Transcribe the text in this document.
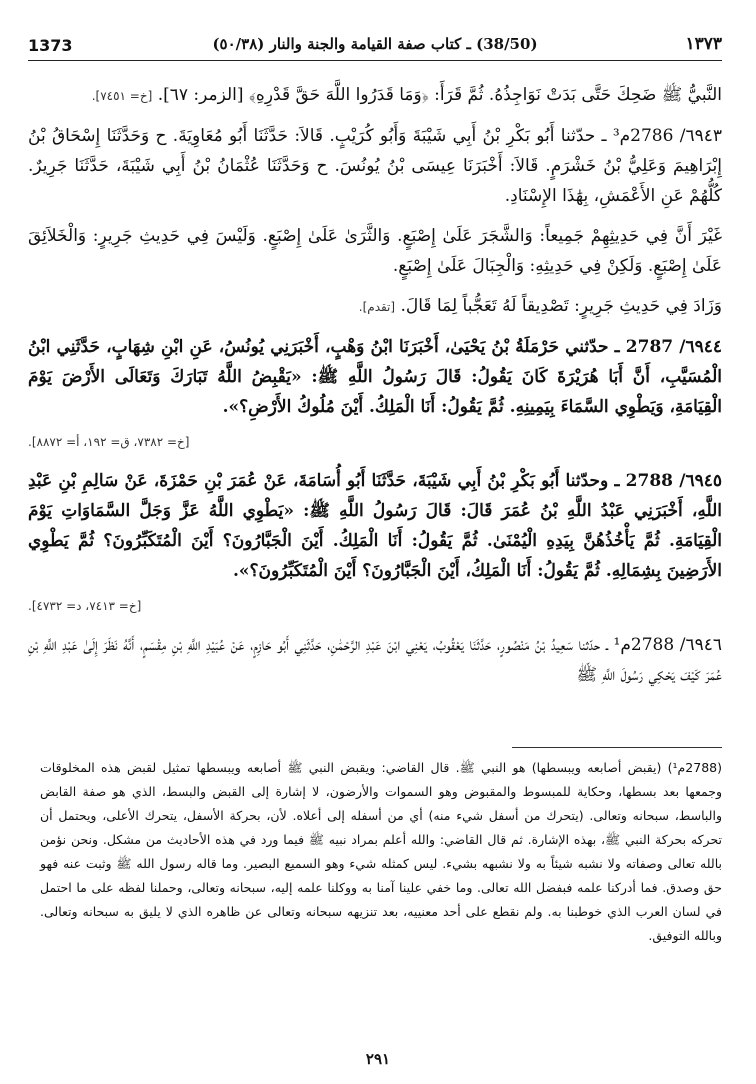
1373	(38/50) ـ كتاب صفة القيامة والجنة والنار (٥٠/٣٨)	١٣٧٣

النَّبيُّ ﷺ ضَحِكَ حَتَّى بَدَتْ نَوَاجِذُهُ. ثُمَّ قَرَأَ: ﴿وَمَا قَدَرُوا اللَّهَ حَقَّ قَدْرِهِ﴾ [الزمر: ٦٧]. [خ= ٧٤٥١].

٦٩٤٣/ 2786م³ ـ حدّثنا أَبُو بَكْرِ بْنُ أَبِي شَيْبَةَ وَأَبُو كُرَيْبٍ. قَالاَ: حَدَّثَنَا أَبُو مُعَاوِيَةَ. ح وَحَدَّثَنَا إِسْحَاقُ بْنُ إِبْرَاهِيمَ وَعَلِيُّ بْنُ خَشْرَمٍ. قَالاَ: أَخْبَرَنَا عِيسَى بْنُ يُونُسَ. ح وَحَدَّثَنَا عُثْمَانُ بْنُ أَبِي شَيْبَةَ، حَدَّثَنَا جَرِيرٌ. كُلُّهُمْ عَنِ الأَعْمَشِ، بِهَٰذَا الإِسْنَادِ.

غَيْرَ أَنَّ فِي حَدِيثِهِمْ جَمِيعاً: وَالشَّجَرَ عَلَىٰ إِصْبَعٍ. وَالثَّرَىٰ عَلَىٰ إِصْبَعٍ. وَلَيْسَ فِي حَدِيثِ جَرِيرٍ: وَالْخَلاَئِقَ عَلَىٰ إِصْبَعٍ. وَلَكِنْ فِي حَدِيثِهِ: وَالْجِبَالَ عَلَىٰ إِصْبَعٍ.

وَزَادَ فِي حَدِيثِ جَرِيرٍ: تَصْدِيقاً لَهُ تَعَجُّباً لِمَا قَالَ. [تقدم].

٦٩٤٤/ 2787 ـ حدّثني حَرْمَلَةُ بْنُ يَحْيَىٰ، أَخْبَرَنَا ابْنُ وَهْبٍ، أَخْبَرَنِي يُونُسُ، عَنِ ابْنِ شِهَابٍ، حَدَّثَنِي ابْنُ الْمُسَيَّبِ، أَنَّ أَبَا هُرَيْرَةَ كَانَ يَقُولُ: قَالَ رَسُولُ اللَّهِ ﷺ: «يَقْبِضُ اللَّهُ تَبَارَكَ وَتَعَالَى الأَرْضَ يَوْمَ الْقِيَامَةِ، وَيَطْوِي السَّمَاءَ بِيَمِينِهِ. ثُمَّ يَقُولُ: أَنَا الْمَلِكُ. أَيْنَ مُلُوكُ الأَرْضِ؟».

[خ= ٧٣٨٢، ق= ١٩٢، أ= ٨٨٧٢].

٦٩٤٥/ 2788 ـ وحدّثنا أَبُو بَكْرِ بْنُ أَبِي شَيْبَةَ، حَدَّثَنَا أَبُو أُسَامَةَ، عَنْ عُمَرَ بْنِ حَمْزَةَ، عَنْ سَالِمِ بْنِ عَبْدِ اللَّهِ، أَخْبَرَنِي عَبْدُ اللَّهِ بْنُ عُمَرَ قَالَ: قَالَ رَسُولُ اللَّهِ ﷺ: «يَطْوِي اللَّهُ عَزَّ وَجَلَّ السَّمَاوَاتِ يَوْمَ الْقِيَامَةِ. ثُمَّ يَأْخُذُهُنَّ بِيَدِهِ الْيُمْنَىٰ. ثُمَّ يَقُولُ: أَنَا الْمَلِكُ. أَيْنَ الْجَبَّارُونَ؟ أَيْنَ الْمُتَكَبِّرُونَ؟ ثُمَّ يَطْوِي الأَرَضِينَ بِشِمَالِهِ. ثُمَّ يَقُولُ: أَنَا الْمَلِكُ، أَيْنَ الْجَبَّارُونَ؟ أَيْنَ الْمُتَكَبِّرُونَ؟».

[خ= ٧٤١٣، د= ٤٧٣٢].

٦٩٤٦/ 2788م¹ ـ حدّثنا سَعِيدُ بْنُ مَنْصُورٍ، حَدَّثَنَا يَعْقُوبُ، يَعْنِي ابْنَ عَبْدِ الرَّحْمَٰنِ، حَدَّثَنِي أَبُو حَازِمٍ، عَنْ عُبَيْدِ اللَّهِ بْنِ مِقْسَمٍ، أَنَّهُ نَظَرَ إِلَىٰ عَبْدِ اللَّهِ بْنِ عُمَرَ كَيْفَ يَحْكِي رَسُولَ اللَّهِ ﷺ

(2788م¹) (يقبض أصابعه ويبسطها) هو النبي ﷺ. قال القاضي: ويقبض النبي ﷺ أصابعه ويبسطها تمثيل لقبض هذه المخلوقات وجمعها بعد بسطها، وحكاية للمبسوط والمقبوض وهو السموات والأرضون، لا إشارة إلى القبض والبسط، الذي هو صفة القابض والباسط، سبحانه وتعالى. (يتحرك من أسفل شيء منه) أي من أسفله إلى أعلاه. لأن، بحركة الأسفل، يتحرك الأعلى، ويحتمل أن تحركه بحركة النبي ﷺ، بهذه الإشارة. ثم قال القاضي: والله أعلم بمراد نبيه ﷺ فيما ورد في هذه الأحاديث من مشكل. ونحن نؤمن بالله تعالى وصفاته ولا نشبه شيئاً به ولا نشبهه بشيء. ليس كمثله شيء وهو السميع البصير. وما قاله رسول الله ﷺ وثبت عنه فهو حق وصدق. فما أدركنا علمه فبفضل الله تعالى. وما خفي علينا آمنا به ووكلنا علمه إليه، سبحانه وتعالى، وحملنا لفظه على ما احتمل في لسان العرب الذي خوطبنا به. ولم نقطع على أحد معنييه، بعد تنزيهه سبحانه وتعالى عن ظاهره الذي لا يليق به سبحانه وتعالى. وبالله التوفيق.
٢٩١
